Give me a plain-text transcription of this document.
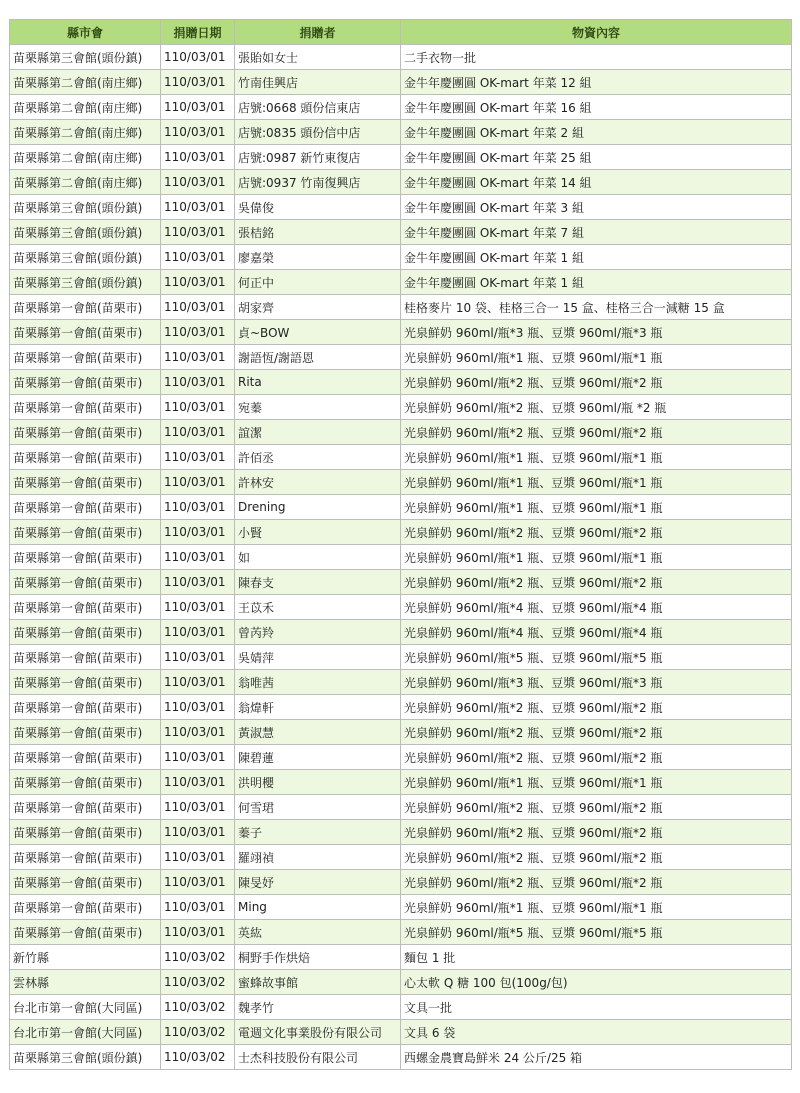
縣市會	捐贈日期	捐贈者	物資內容
苗栗縣第三會館(頭份鎮)	110/03/01	張貽如女士	二手衣物一批
苗栗縣第二會館(南庄鄉)	110/03/01	竹南佳興店	金牛年慶團圓 OK-mart 年菜 12 組
苗栗縣第二會館(南庄鄉)	110/03/01	店號:0668 頭份信東店	金牛年慶團圓 OK-mart 年菜 16 組
苗栗縣第二會館(南庄鄉)	110/03/01	店號:0835 頭份信中店	金牛年慶團圓 OK-mart 年菜 2 組
苗栗縣第二會館(南庄鄉)	110/03/01	店號:0987 新竹東復店	金牛年慶團圓 OK-mart 年菜 25 組
苗栗縣第二會館(南庄鄉)	110/03/01	店號:0937 竹南復興店	金牛年慶團圓 OK-mart 年菜 14 組
苗栗縣第三會館(頭份鎮)	110/03/01	吳偉俊	金牛年慶團圓 OK-mart 年菜 3 組
苗栗縣第三會館(頭份鎮)	110/03/01	張桔銘	金牛年慶團圓 OK-mart 年菜 7 組
苗栗縣第三會館(頭份鎮)	110/03/01	廖嘉榮	金牛年慶團圓 OK-mart 年菜 1 組
苗栗縣第三會館(頭份鎮)	110/03/01	何正中	金牛年慶團圓 OK-mart 年菜 1 組
苗栗縣第一會館(苗栗市)	110/03/01	胡家齊	桂格麥片 10 袋、桂格三合一 15 盒、桂格三合一減糖 15 盒
苗栗縣第一會館(苗栗市)	110/03/01	貞~BOW	光泉鮮奶 960ml/瓶*3 瓶、豆漿 960ml/瓶*3 瓶
苗栗縣第一會館(苗栗市)	110/03/01	謝語恆/謝語恩	光泉鮮奶 960ml/瓶*1 瓶、豆漿 960ml/瓶*1 瓶
苗栗縣第一會館(苗栗市)	110/03/01	Rita	光泉鮮奶 960ml/瓶*2 瓶、豆漿 960ml/瓶*2 瓶
苗栗縣第一會館(苗栗市)	110/03/01	宛蓁	光泉鮮奶 960ml/瓶*2 瓶、豆漿 960ml/瓶 *2 瓶
苗栗縣第一會館(苗栗市)	110/03/01	誼潔	光泉鮮奶 960ml/瓶*2 瓶、豆漿 960ml/瓶*2 瓶
苗栗縣第一會館(苗栗市)	110/03/01	許佰丞	光泉鮮奶 960ml/瓶*1 瓶、豆漿 960ml/瓶*1 瓶
苗栗縣第一會館(苗栗市)	110/03/01	許林安	光泉鮮奶 960ml/瓶*1 瓶、豆漿 960ml/瓶*1 瓶
苗栗縣第一會館(苗栗市)	110/03/01	Drening	光泉鮮奶 960ml/瓶*1 瓶、豆漿 960ml/瓶*1 瓶
苗栗縣第一會館(苗栗市)	110/03/01	小賢	光泉鮮奶 960ml/瓶*2 瓶、豆漿 960ml/瓶*2 瓶
苗栗縣第一會館(苗栗市)	110/03/01	如	光泉鮮奶 960ml/瓶*1 瓶、豆漿 960ml/瓶*1 瓶
苗栗縣第一會館(苗栗市)	110/03/01	陳春支	光泉鮮奶 960ml/瓶*2 瓶、豆漿 960ml/瓶*2 瓶
苗栗縣第一會館(苗栗市)	110/03/01	王苡禾	光泉鮮奶 960ml/瓶*4 瓶、豆漿 960ml/瓶*4 瓶
苗栗縣第一會館(苗栗市)	110/03/01	曾芮羚	光泉鮮奶 960ml/瓶*4 瓶、豆漿 960ml/瓶*4 瓶
苗栗縣第一會館(苗栗市)	110/03/01	吳婧萍	光泉鮮奶 960ml/瓶*5 瓶、豆漿 960ml/瓶*5 瓶
苗栗縣第一會館(苗栗市)	110/03/01	翁唯茜	光泉鮮奶 960ml/瓶*3 瓶、豆漿 960ml/瓶*3 瓶
苗栗縣第一會館(苗栗市)	110/03/01	翁煒軒	光泉鮮奶 960ml/瓶*2 瓶、豆漿 960ml/瓶*2 瓶
苗栗縣第一會館(苗栗市)	110/03/01	黃淑慧	光泉鮮奶 960ml/瓶*2 瓶、豆漿 960ml/瓶*2 瓶
苗栗縣第一會館(苗栗市)	110/03/01	陳碧蓮	光泉鮮奶 960ml/瓶*2 瓶、豆漿 960ml/瓶*2 瓶
苗栗縣第一會館(苗栗市)	110/03/01	洪明櫻	光泉鮮奶 960ml/瓶*1 瓶、豆漿 960ml/瓶*1 瓶
苗栗縣第一會館(苗栗市)	110/03/01	何雪珺	光泉鮮奶 960ml/瓶*2 瓶、豆漿 960ml/瓶*2 瓶
苗栗縣第一會館(苗栗市)	110/03/01	蓁子	光泉鮮奶 960ml/瓶*2 瓶、豆漿 960ml/瓶*2 瓶
苗栗縣第一會館(苗栗市)	110/03/01	羅翊禎	光泉鮮奶 960ml/瓶*2 瓶、豆漿 960ml/瓶*2 瓶
苗栗縣第一會館(苗栗市)	110/03/01	陳旻妤	光泉鮮奶 960ml/瓶*2 瓶、豆漿 960ml/瓶*2 瓶
苗栗縣第一會館(苗栗市)	110/03/01	Ming	光泉鮮奶 960ml/瓶*1 瓶、豆漿 960ml/瓶*1 瓶
苗栗縣第一會館(苗栗市)	110/03/01	英紘	光泉鮮奶 960ml/瓶*5 瓶、豆漿 960ml/瓶*5 瓶
新竹縣	110/03/02	桐野手作烘焙	麵包 1 批
雲林縣	110/03/02	蜜蜂故事館	心太軟 Q 糖 100 包(100g/包)
台北市第一會館(大同區)	110/03/02	魏孝竹	文具一批
台北市第一會館(大同區)	110/03/02	電週文化事業股份有限公司	文具 6 袋
苗栗縣第三會館(頭份鎮)	110/03/02	士杰科技股份有限公司	西螺金農寶島鮮米 24 公斤/25 箱
